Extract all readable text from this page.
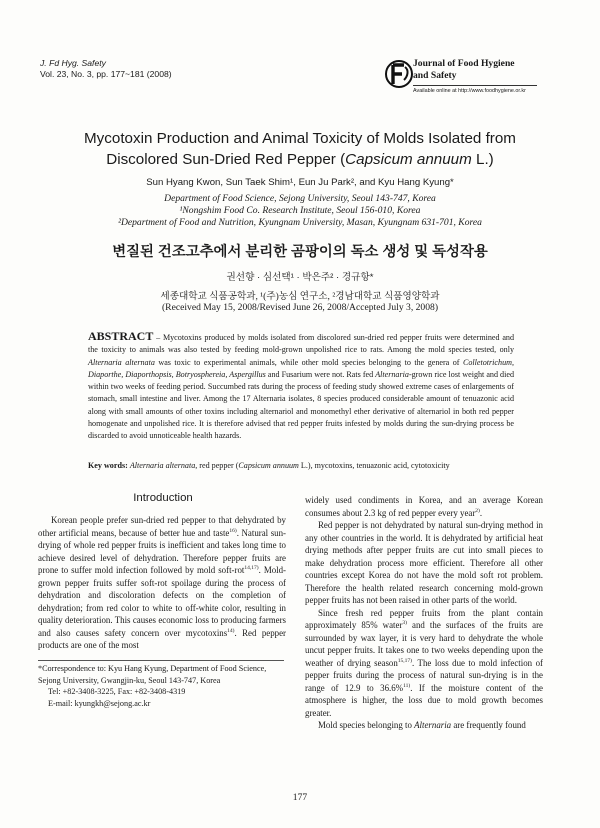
J. Fd Hyg. Safety
Vol. 23, No. 3, pp. 177~181 (2008)
Journal of Food Hygiene
and Safety
Available online at http://www.foodhygiene.or.kr
Mycotoxin Production and Animal Toxicity of Molds Isolated from
Discolored Sun-Dried Red Pepper (Capsicum annuum L.)
Sun Hyang Kwon, Sun Taek Shim¹, Eun Ju Park², and Kyu Hang Kyung*
Department of Food Science, Sejong University, Seoul 143-747, Korea
¹Nongshim Food Co. Research Institute, Seoul 156-010, Korea
²Department of Food and Nutrition, Kyungnam University, Masan, Kyungnam 631-701, Korea
변질된 건조고추에서 분리한 곰팡이의 독소 생성 및 독성작용
권선향 · 심선택¹ · 박은주² · 경규항*
세종대학교 식품공학과, ¹(주)농심 연구소, ²경남대학교 식품영양학과
(Received May 15, 2008/Revised June 26, 2008/Accepted July 3, 2008)
ABSTRACT – Mycotoxins produced by molds isolated from discolored sun-dried red pepper fruits were determined and the toxicity to animals was also tested by feeding mold-grown unpolished rice to rats. Among the mold species tested, only Alternaria alternata was toxic to experimental animals, while other mold species belonging to the genera of Colletotrichum, Diaporthe, Diaporthopsis, Botryosphereia, Aspergillus and Fusarium were not. Rats fed Alternaria-grown rice lost weight and died within two weeks of feeding period. Succumbed rats during the process of feeding study showed extreme cases of enlargements of stomach, small intestine and liver. Among the 17 Alternaria isolates, 8 species produced considerable amount of tenuazonic acid along with small amounts of other toxins including alternariol and monomethyl ether derivative of alternariol in both red pepper homogenate and unpolished rice. It is therefore advised that red pepper fruits infested by molds during the sun-drying process be discarded to avoid unnoticeable health hazards.
Key words: Alternaria alternata, red pepper (Capsicum annuum L.), mycotoxins, tenuazonic acid, cytotoxicity
Introduction

Korean people prefer sun-dried red pepper to that dehydrated by other artificial means, because of better hue and taste$^{16)}$. Natural sun-drying of whole red pepper fruits is inefficient and takes long time to achieve desired level of dehydration. Therefore pepper fruits are prone to suffer mold infection followed by mold soft-rot$^{14,17)}$. Mold-grown pepper fruits suffer soft-rot spoilage during the process of dehydration and discoloration defects on the completion of dehydration; from red color to white to off-white color, resulting in quality deterioration. This causes economic loss to producing farmers and also causes safety concern over mycotoxins$^{14)}$. Red pepper products are one of the most

*Correspondence to: Kyu Hang Kyung, Department of Food Science, Sejong University, Gwangjin-ku, Seoul 143-747, Korea
Tel: +82-3408-3225, Fax: +82-3408-4319
E-mail: kyungkh@sejong.ac.kr

widely used condiments in Korea, and an average Korean consumes about 2.3 kg of red pepper every year$^{2)}$.

Red pepper is not dehydrated by natural sun-drying method in any other countries in the world. It is dehydrated by artificial heat drying methods after pepper fruits are cut into small pieces to make dehydration process more efficient. Therefore all other countries except Korea do not have the mold soft rot problem. Therefore the health related research concerning mold-grown pepper fruits has not been raised in other parts of the world.

Since fresh red pepper fruits from the plant contain approximately 85% water$^{3)}$ and the surfaces of the fruits are surrounded by wax layer, it is very hard to dehydrate the whole uncut pepper fruits. It takes one to two weeks depending upon the weather of drying season$^{15,17)}$. The loss due to mold infection of pepper fruits during the process of natural sun-drying is in the range of 12.9 to 36.6%$^{11)}$. If the moisture content of the atmosphere is higher, the loss due to mold growth becomes greater.

Mold species belonging to Alternaria are frequently found

177
